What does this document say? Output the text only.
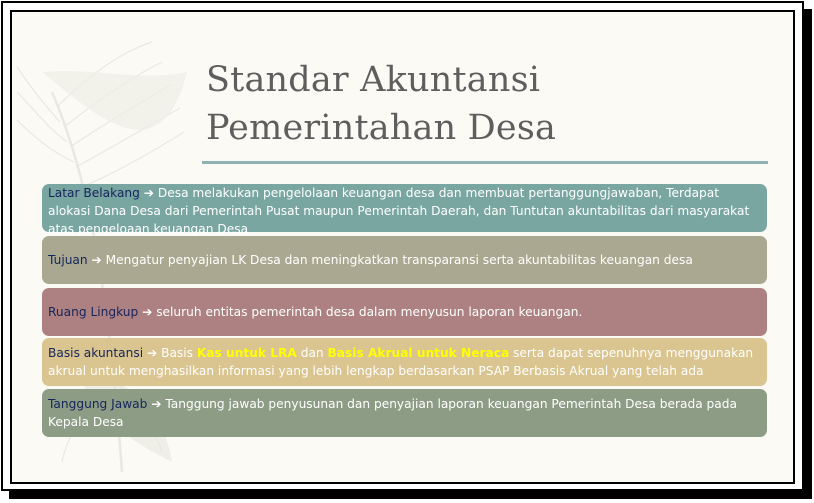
Standar Akuntansi
Pemerintahan Desa
Latar Belakang ➔ Desa melakukan pengelolaan keuangan desa dan membuat pertanggungjawaban, Terdapat alokasi Dana Desa dari Pemerintah Pusat maupun Pemerintah Daerah, dan Tuntutan akuntabilitas dari masyarakat atas pengeloaan keuangan Desa
Tujuan ➔ Mengatur penyajian LK Desa dan meningkatkan transparansi serta akuntabilitas keuangan desa
Ruang Lingkup ➔ seluruh entitas pemerintah desa dalam menyusun laporan keuangan.
Basis akuntansi ➔ Basis Kas untuk LRA dan Basis Akrual untuk Neraca serta dapat sepenuhnya menggunakan akrual untuk menghasilkan informasi yang lebih lengkap berdasarkan PSAP Berbasis Akrual yang telah ada
Tanggung Jawab ➔ Tanggung jawab penyusunan dan penyajian laporan keuangan Pemerintah Desa berada pada Kepala Desa
